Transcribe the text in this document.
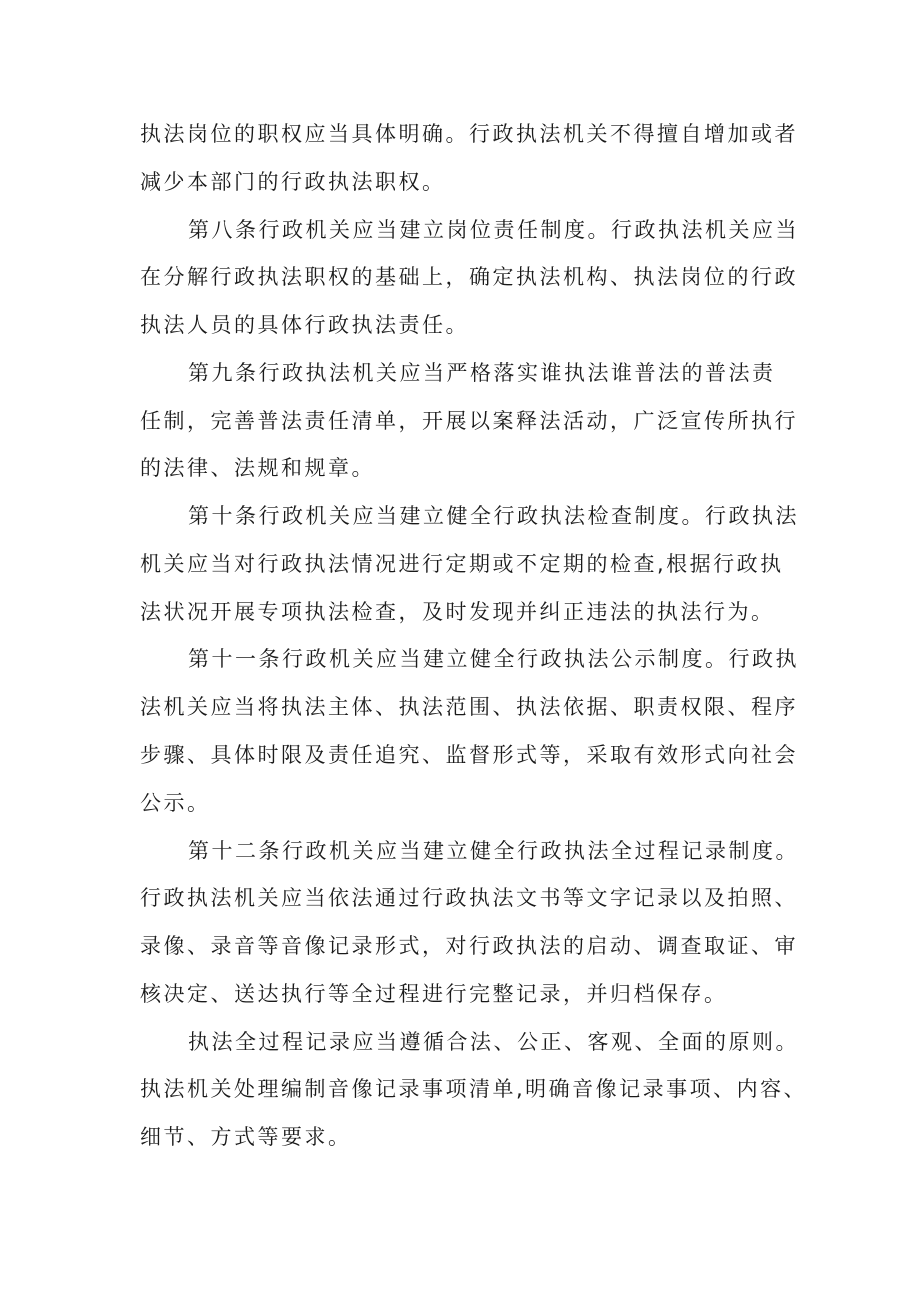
执法岗位的职权应当具体明确。行政执法机关不得擅自增加或者
减少本部门的行政执法职权。
第八条行政机关应当建立岗位责任制度。行政执法机关应当
在分解行政执法职权的基础上，确定执法机构、执法岗位的行政
执法人员的具体行政执法责任。
第九条行政执法机关应当严格落实谁执法谁普法的普法责
任制，完善普法责任清单，开展以案释法活动，广泛宣传所执行
的法律、法规和规章。
第十条行政机关应当建立健全行政执法检查制度。行政执法
机关应当对行政执法情况进行定期或不定期的检查,根据行政执
法状况开展专项执法检查，及时发现并纠正违法的执法行为。
第十一条行政机关应当建立健全行政执法公示制度。行政执
法机关应当将执法主体、执法范围、执法依据、职责权限、程序
步骤、具体时限及责任追究、监督形式等，采取有效形式向社会
公示。
第十二条行政机关应当建立健全行政执法全过程记录制度。
行政执法机关应当依法通过行政执法文书等文字记录以及拍照、
录像、录音等音像记录形式，对行政执法的启动、调查取证、审
核决定、送达执行等全过程进行完整记录，并归档保存。
执法全过程记录应当遵循合法、公正、客观、全面的原则。
执法机关处理编制音像记录事项清单,明确音像记录事项、内容、
细节、方式等要求。
